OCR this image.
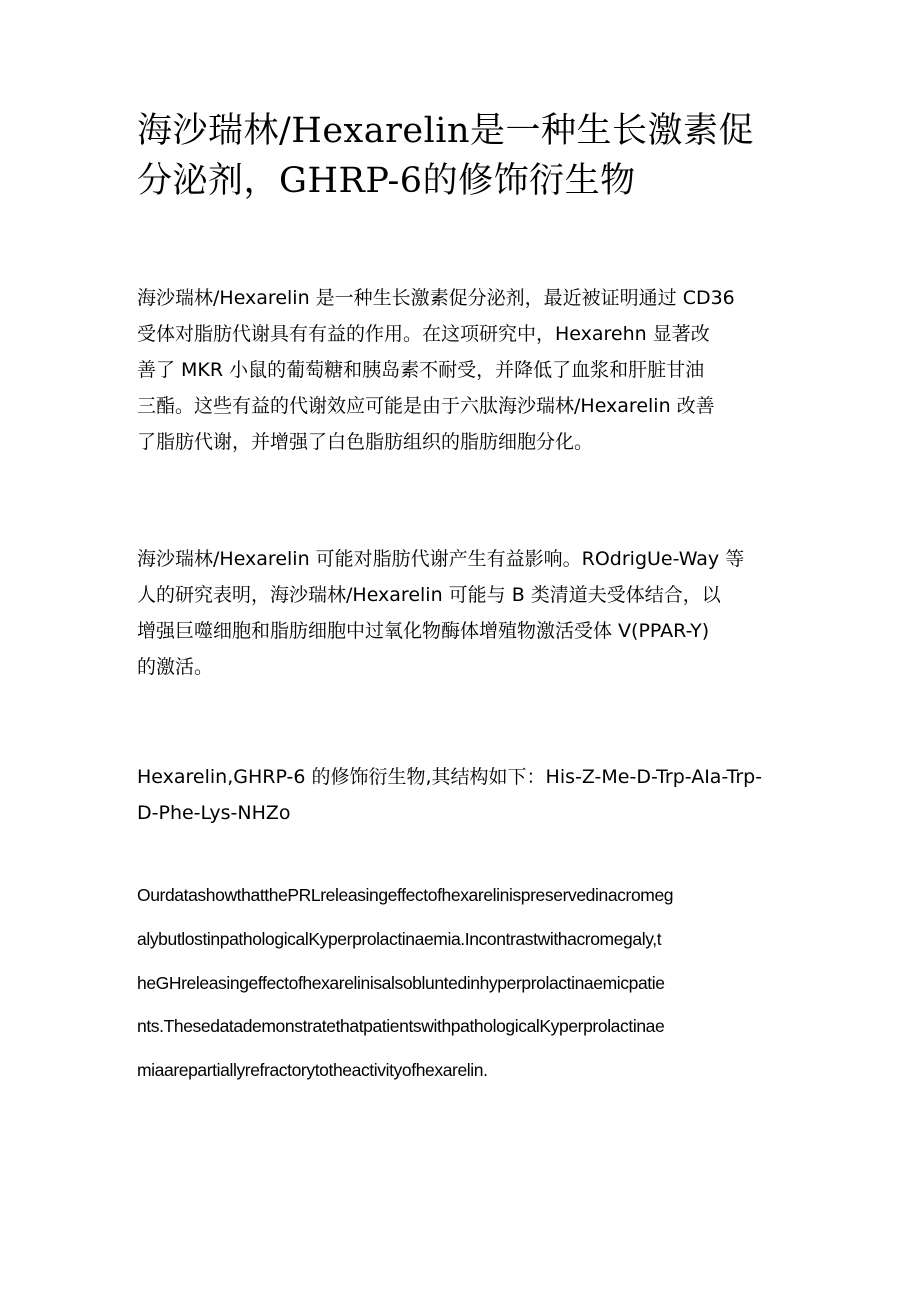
海沙瑞林/Hexarelin是一种生长激素促
分泌剂，GHRP-6的修饰衍生物

海沙瑞林/Hexarelin 是一种生长激素促分泌剂，最近被证明通过 CD36
受体对脂肪代谢具有有益的作用。在这项研究中，Hexarehn 显著改
善了 MKR 小鼠的葡萄糖和胰岛素不耐受，并降低了血浆和肝脏甘油
三酯。这些有益的代谢效应可能是由于六肽海沙瑞林/Hexarelin 改善
了脂肪代谢，并增强了白色脂肪组织的脂肪细胞分化。

海沙瑞林/Hexarelin 可能对脂肪代谢产生有益影响。ROdrigUe-Way 等
人的研究表明，海沙瑞林/Hexarelin 可能与 B 类清道夫受体结合，以
增强巨噬细胞和脂肪细胞中过氧化物酶体增殖物激活受体 V(PPAR-Y)
的激活。

Hexarelin,GHRP-6 的修饰衍生物,其结构如下：His-Z-Me-D-Trp-AIa-Trp-
D-Phe-Lys-NHZo

OurdatashowthatthePRLreleasingeffectofhexarelinispreservedinacromeg
alybutlostinpathologicalKyperprolactinaemia.Incontrastwithacromegaly,t
heGHreleasingeffectofhexarelinisalsobluntedinhyperprolactinaemicpatie
nts.ThesedatademonstratethatpatientswithpathologicalKyperprolactinae
miaarepartiallyrefractorytotheactivityofhexarelin.
